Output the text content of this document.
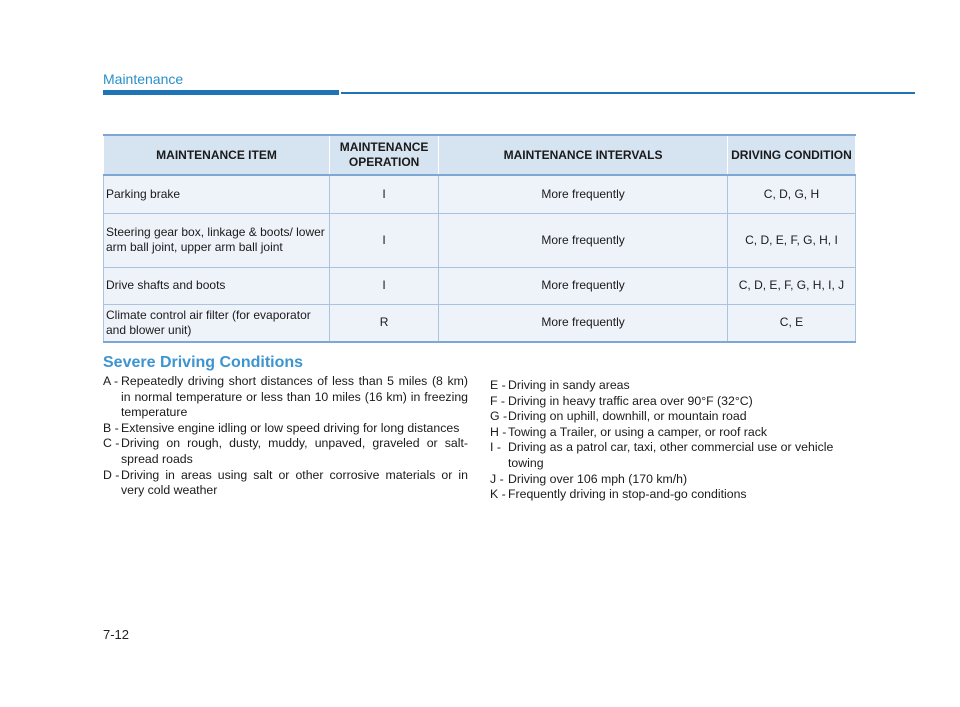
Maintenance
MAINTENANCE ITEM	MAINTENANCE OPERATION	MAINTENANCE INTERVALS	DRIVING CONDITION
Parking brake	I	More frequently	C, D, G, H
Steering gear box, linkage & boots/ lower arm ball joint, upper arm ball joint	I	More frequently	C, D, E, F, G, H, I
Drive shafts and boots	I	More frequently	C, D, E, F, G, H, I, J
Climate control air filter (for evaporator and blower unit)	R	More frequently	C, E
Severe Driving Conditions
A - Repeatedly driving short distances of less than 5 miles (8 km) in normal temperature or less than 10 miles (16 km) in freezing temperature
B - Extensive engine idling or low speed driving for long distances
C - Driving on rough, dusty, muddy, unpaved, graveled or salt-spread roads
D - Driving in areas using salt or other corrosive materials or in very cold weather
E - Driving in sandy areas
F - Driving in heavy traffic area over 90°F (32°C)
G - Driving on uphill, downhill, or mountain road
H - Towing a Trailer, or using a camper, or roof rack
I - Driving as a patrol car, taxi, other commercial use or vehicle towing
J - Driving over 106 mph (170 km/h)
K - Frequently driving in stop-and-go conditions
7-12
